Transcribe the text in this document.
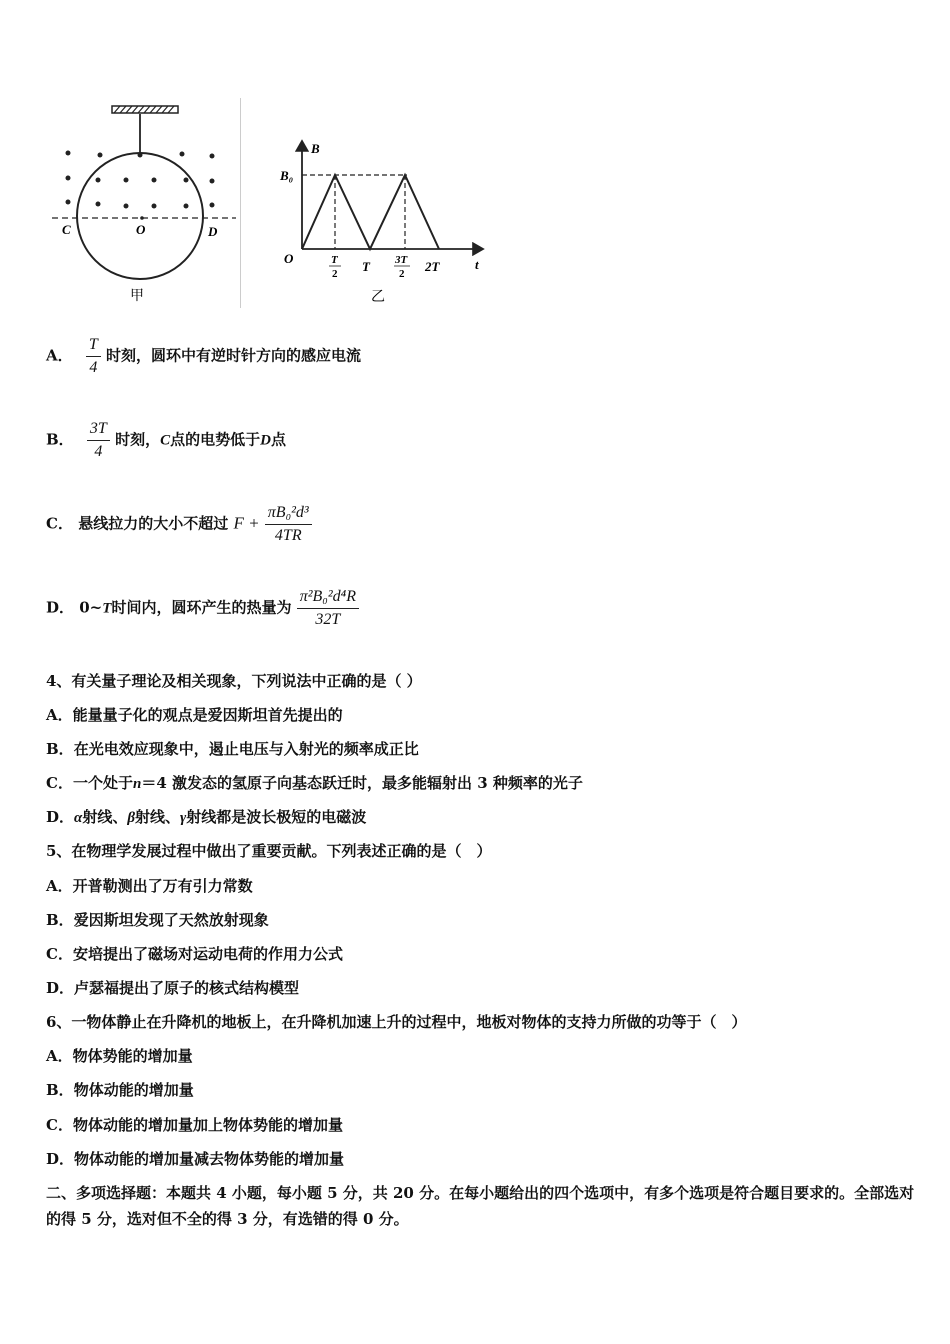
C	O	D
甲
B
B₀
O	t
T
2 T 3T
2 2T
乙
A． $\frac{T}{4}$ 时刻，圆环中有逆时针方向的感应电流
B． $\frac{3T}{4}$ 时刻，C点的电势低于D点
C． 悬线拉力的大小不超过 $F + \frac{\text{πB₀²d³}}{4TR}$
D． 0~T时间内，圆环产生的热量为 $\frac{\text{π²B₀²d⁴R}}{32T}$
4、有关量子理论及相关现象，下列说法中正确的是（ ）
A．能量量子化的观点是爱因斯坦首先提出的
B．在光电效应现象中，遏止电压与入射光的频率成正比
C．一个处于n＝4 激发态的氢原子向基态跃迁时，最多能辐射出 3 种频率的光子
D．α射线、β射线、γ射线都是波长极短的电磁波
5、在物理学发展过程中做出了重要贡献。下列表述正确的是（　）
A．开普勒测出了万有引力常数
B．爱因斯坦发现了天然放射现象
C．安培提出了磁场对运动电荷的作用力公式
D．卢瑟福提出了原子的核式结构模型
6、一物体静止在升降机的地板上，在升降机加速上升的过程中，地板对物体的支持力所做的功等于（　）
A．物体势能的增加量
B．物体动能的增加量
C．物体动能的增加量加上物体势能的增加量
D．物体动能的增加量减去物体势能的增加量
二、多项选择题：本题共 4 小题，每小题 5 分，共 20 分。在每小题给出的四个选项中，有多个选项是符合题目要求的。全部选对的得 5 分，选对但不全的得 3 分，有选错的得 0 分。
